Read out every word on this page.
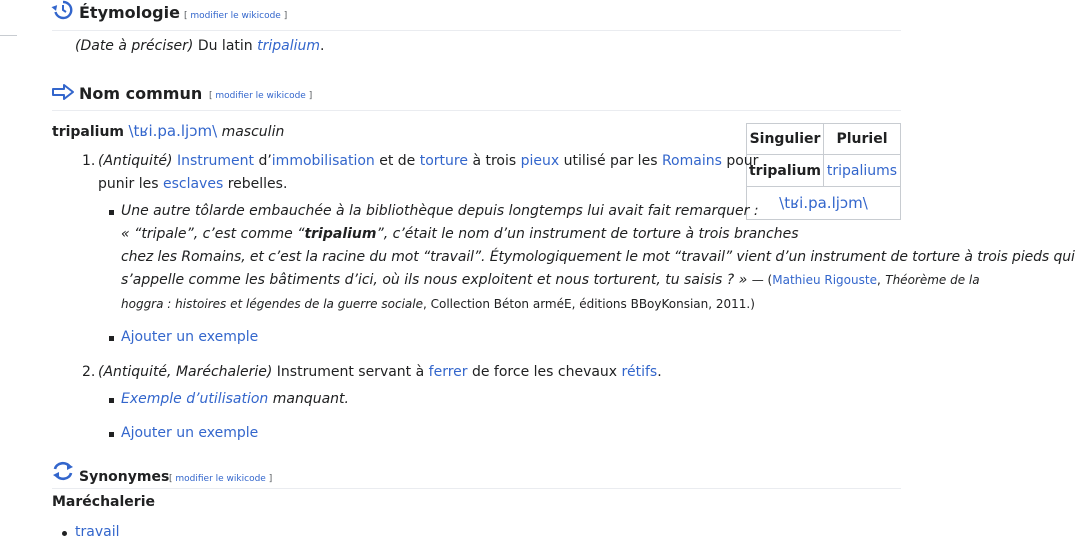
Étymologie [ modifier le wikicode ]
(Date à préciser) Du latin tripalium.
Nom commun [ modifier le wikicode ]
tripalium \tʁi.pa.ljɔm\ masculin	Singulier	Pluriel
tripalium	tripaliums
\tʁi.pa.ljɔm\	
1. (Antiquité) Instrument d’immobilisation et de torture à trois pieux utilisé par les Romains pour
punir les esclaves rebelles.
Une autre tôlarde embauchée à la bibliothèque depuis longtemps lui avait fait remarquer :
« “tripale”, c’est comme “tripalium”, c’était le nom d’un instrument de torture à trois branches
chez les Romains, et c’est la racine du mot “travail”. Étymologiquement le mot “travail” vient d’un instrument de torture à trois pieds qui
s’appelle comme les bâtiments d’ici, où ils nous exploitent et nous torturent, tu saisis ? » — (Mathieu Rigouste, Théorème de la
hoggra : histoires et légendes de la guerre sociale, Collection Béton arméE, éditions BBoyKonsian, 2011.)
Ajouter un exemple
2. (Antiquité, Maréchalerie) Instrument servant à ferrer de force les chevaux rétifs.
Exemple d’utilisation manquant.
Ajouter un exemple
Synonymes [ modifier le wikicode ]
Maréchalerie
travail
